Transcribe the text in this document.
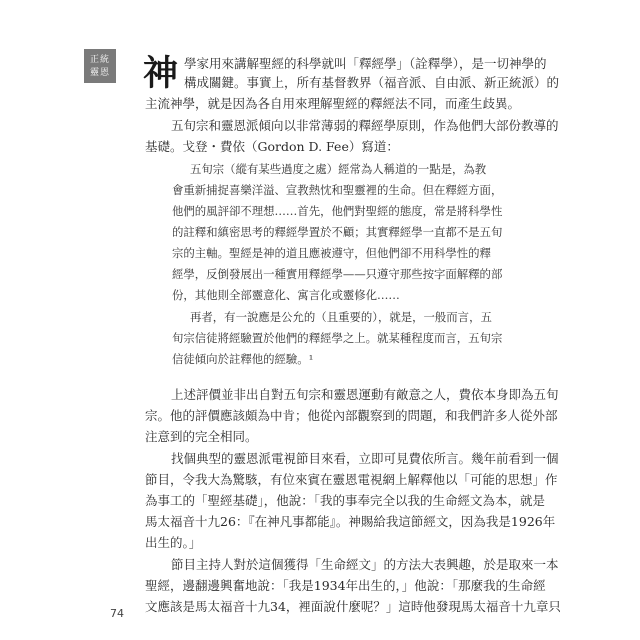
正統
靈恩 神 學家用來講解聖經的科學就叫「釋經學」（詮釋學），是一切神學的
構成關鍵。事實上，所有基督教界（福音派、自由派、新正統派）的
主流神學，就是因為各自用來理解聖經的釋經法不同，而產生歧異。
五旬宗和靈恩派傾向以非常薄弱的釋經學原則，作為他們大部份教導的
基礎。戈登・費依（Gordon D. Fee）寫道：
五旬宗（縱有某些過度之處）經常為人稱道的一點是，為教
會重新捕捉喜樂洋溢、宣教熱忱和聖靈裡的生命。但在釋經方面，
他們的風評卻不理想……首先，他們對聖經的態度，常是將科學性
的註釋和縝密思考的釋經學置於不顧；其實釋經學一直都不是五旬
宗的主軸。聖經是神的道且應被遵守，但他們卻不用科學性的釋
經學，反倒發展出一種實用釋經學——只遵守那些按字面解釋的部
份，其他則全部靈意化、寓言化或靈修化……
再者，有一說應是公允的（且重要的），就是，一般而言，五
旬宗信徒將經驗置於他們的釋經學之上。就某種程度而言，五旬宗
信徒傾向於註釋他的經驗。¹
上述評價並非出自對五旬宗和靈恩運動有敵意之人，費依本身即為五旬
宗。他的評價應該頗為中肯；他從內部觀察到的問題，和我們許多人從外部
注意到的完全相同。
找個典型的靈恩派電視節目來看，立即可見費依所言。幾年前看到一個
節目，令我大為驚駭，有位來賓在靈恩電視網上解釋他以「可能的思想」作
為事工的「聖經基礎」，他說：「我的事奉完全以我的生命經文為本，就是
馬太福音十九26：『在神凡事都能』。神賜給我這節經文，因為我是1926年
出生的。」
節目主持人對於這個獲得「生命經文」的方法大表興趣，於是取來一本
聖經，邊翻邊興奮地說：「我是1934年出生的，」他說：「那麼我的生命經
文應該是馬太福音十九34，裡面說什麼呢？」這時他發現馬太福音十九章只
74
